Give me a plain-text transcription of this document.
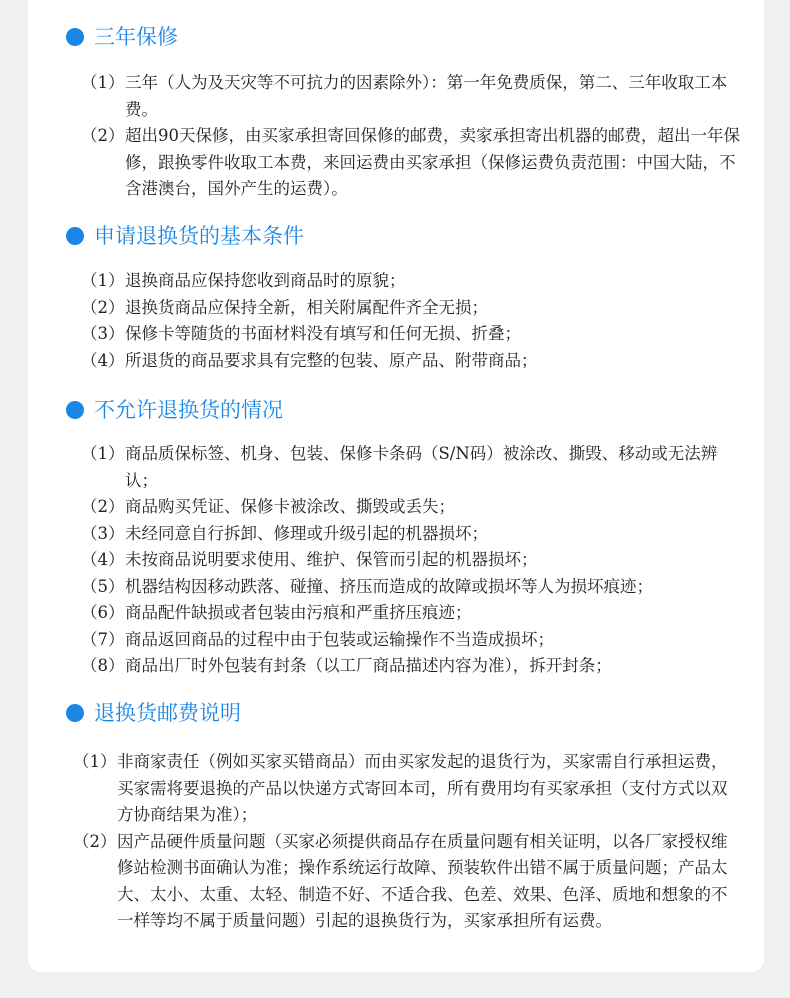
三年保修
（1） 三年（人为及天灾等不可抗力的因素除外）：第一年免费质保，第二、三年收取工本费。
（2） 超出90天保修，由买家承担寄回保修的邮费，卖家承担寄出机器的邮费，超出一年保修，跟换零件收取工本费，来回运费由买家承担（保修运费负责范围：中国大陆，不含港澳台，国外产生的运费）。
申请退换货的基本条件
（1） 退换商品应保持您收到商品时的原貌；
（2） 退换货商品应保持全新，相关附属配件齐全无损；
（3） 保修卡等随货的书面材料没有填写和任何无损、折叠；
（4） 所退货的商品要求具有完整的包装、原产品、附带商品；
不允许退换货的情况
（1） 商品质保标签、机身、包装、保修卡条码（S/N码）被涂改、撕毁、移动或无法辨认；
（2） 商品购买凭证、保修卡被涂改、撕毁或丢失；
（3） 未经同意自行拆卸、修理或升级引起的机器损坏；
（4） 未按商品说明要求使用、维护、保管而引起的机器损坏；
（5） 机器结构因移动跌落、碰撞、挤压而造成的故障或损坏等人为损坏痕迹；
（6） 商品配件缺损或者包装由污痕和严重挤压痕迹；
（7） 商品返回商品的过程中由于包装或运输操作不当造成损坏；
（8） 商品出厂时外包装有封条（以工厂商品描述内容为准），拆开封条；
退换货邮费说明
（1） 非商家责任（例如买家买错商品）而由买家发起的退货行为，买家需自行承担运费，买家需将要退换的产品以快递方式寄回本司，所有费用均有买家承担（支付方式以双方协商结果为准）；
（2） 因产品硬件质量问题（买家必须提供商品存在质量问题有相关证明，以各厂家授权维修站检测书面确认为准；操作系统运行故障、预装软件出错不属于质量问题；产品太大、太小、太重、太轻、制造不好、不适合我、色差、效果、色泽、质地和想象的不一样等均不属于质量问题）引起的退换货行为，买家承担所有运费。
